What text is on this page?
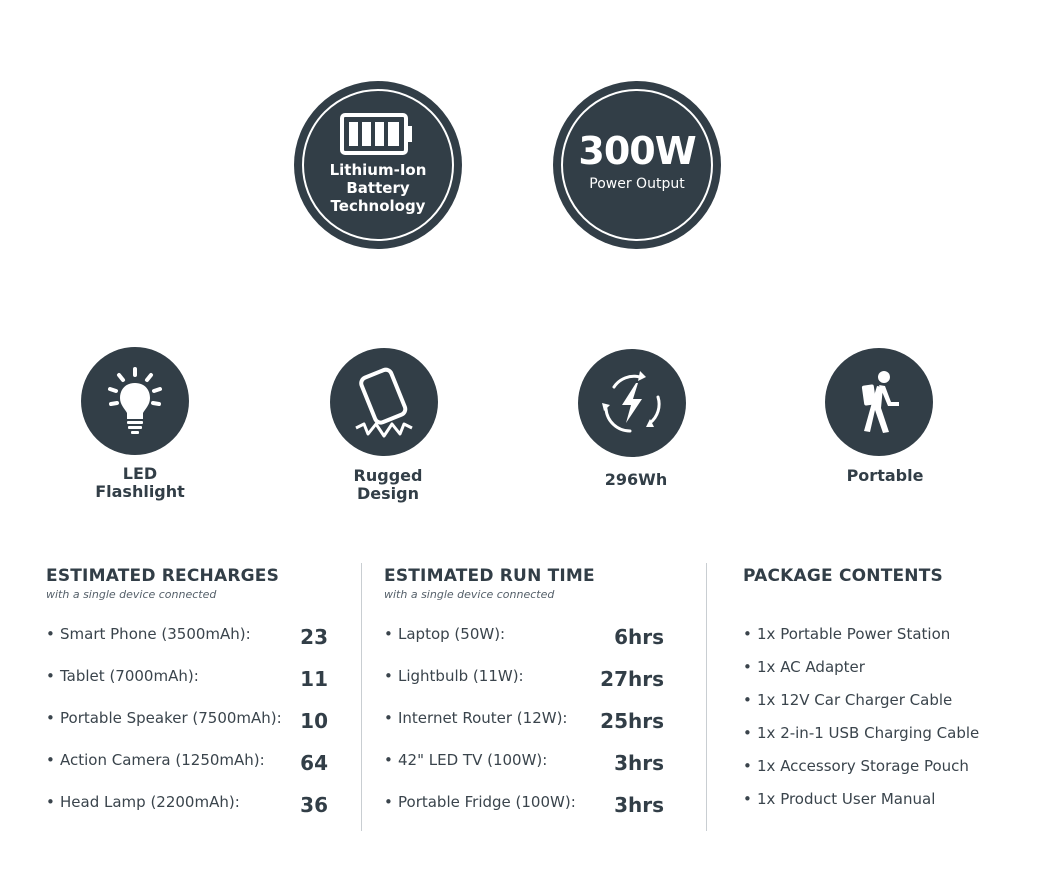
Lithium-Ion
Battery
Technology
300W
Power Output
LED
Flashlight
Rugged
Design
296Wh	Portable
ESTIMATED RECHARGES
with a single device connected
• Smart Phone (3500mAh):	23
• Tablet (7000mAh):	11
• Portable Speaker (7500mAh): 10
• Action Camera (1250mAh):	64
• Head Lamp (2200mAh):	36
ESTIMATED RUN TIME
with a single device connected
• Laptop (50W):	6hrs
• Lightbulb (11W):	27hrs
• Internet Router (12W):	25hrs
• 42" LED TV (100W):	3hrs
• Portable Fridge (100W):	3hrs
PACKAGE CONTENTS
• 1x Portable Power Station
• 1x AC Adapter
• 1x 12V Car Charger Cable
• 1x 2-in-1 USB Charging Cable
• 1x Accessory Storage Pouch
• 1x Product User Manual
